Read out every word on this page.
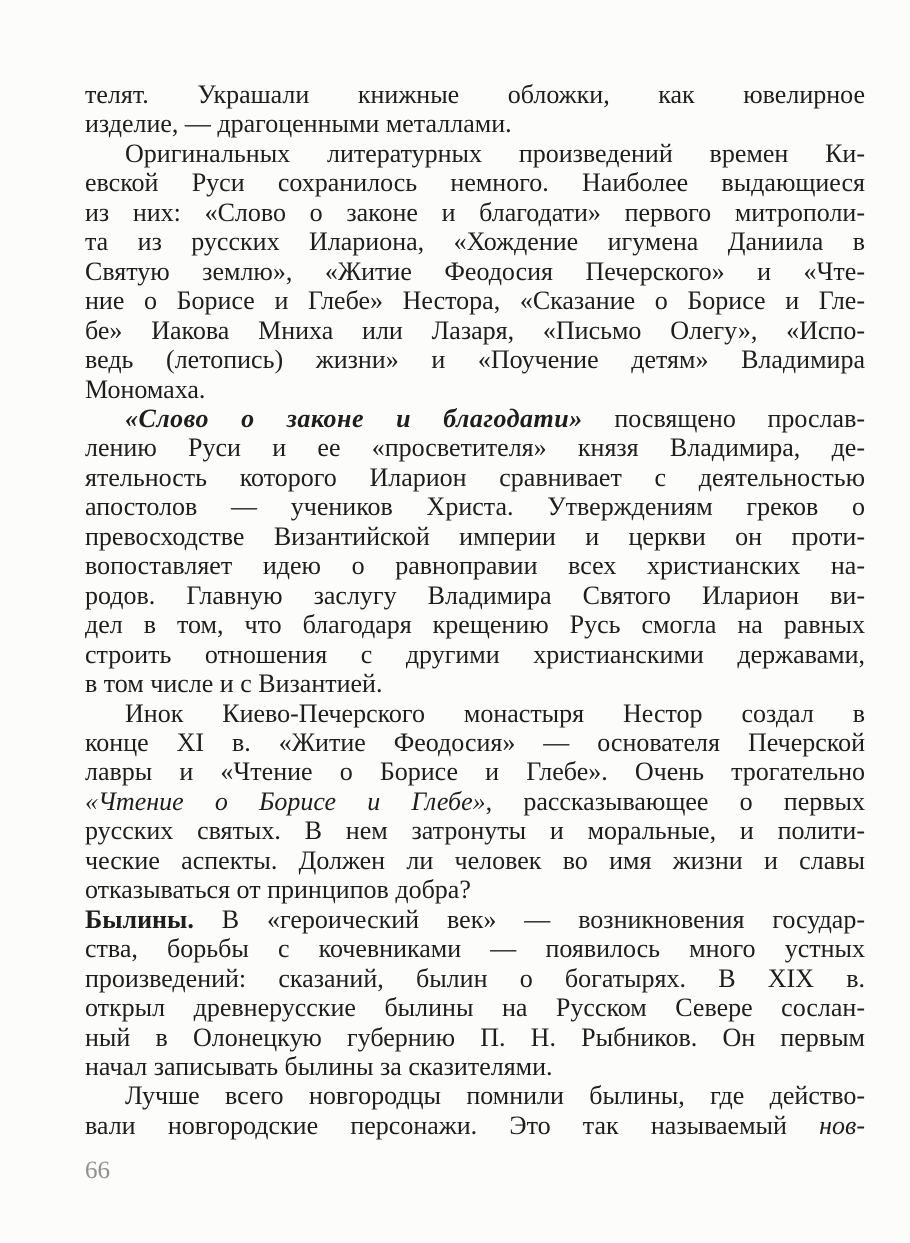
телят. Украшали книжные обложки, как ювелирное
изделие, — драгоценными металлами.
Оригинальных литературных произведений времен Ки-
евской Руси сохранилось немного. Наиболее выдающиеся
из них: «Слово о законе и благодати» первого митрополи-
та из русских Илариона, «Хождение игумена Даниила в
Святую землю», «Житие Феодосия Печерского» и «Чте-
ние о Борисе и Глебе» Нестора, «Сказание о Борисе и Гле-
бе» Иакова Мниха или Лазаря, «Письмо Олегу», «Испо-
ведь (летопись) жизни» и «Поучение детям» Владимира
Мономаха.
«Слово о законе и благодати» посвящено прослав-
лению Руси и ее «просветителя» князя Владимира, де-
ятельность которого Иларион сравнивает с деятельностью
апостолов — учеников Христа. Утверждениям греков о
превосходстве Византийской империи и церкви он проти-
вопоставляет идею о равноправии всех христианских на-
родов. Главную заслугу Владимира Святого Иларион ви-
дел в том, что благодаря крещению Русь смогла на равных
строить отношения с другими христианскими державами,
в том числе и с Византией.
Инок Киево-Печерского монастыря Нестор создал в
конце XI в. «Житие Феодосия» — основателя Печерской
лавры и «Чтение о Борисе и Глебе». Очень трогательно
«Чтение о Борисе и Глебе», рассказывающее о первых
русских святых. В нем затронуты и моральные, и полити-
ческие аспекты. Должен ли человек во имя жизни и славы
отказываться от принципов добра?
Былины. В «героический век» — возникновения государ-
ства, борьбы с кочевниками — появилось много устных
произведений: сказаний, былин о богатырях. В XIX в.
открыл древнерусские былины на Русском Севере сослан-
ный в Олонецкую губернию П. Н. Рыбников. Он первым
начал записывать былины за сказителями.
Лучше всего новгородцы помнили былины, где действо-
вали новгородские персонажи. Это так называемый нов-
66
